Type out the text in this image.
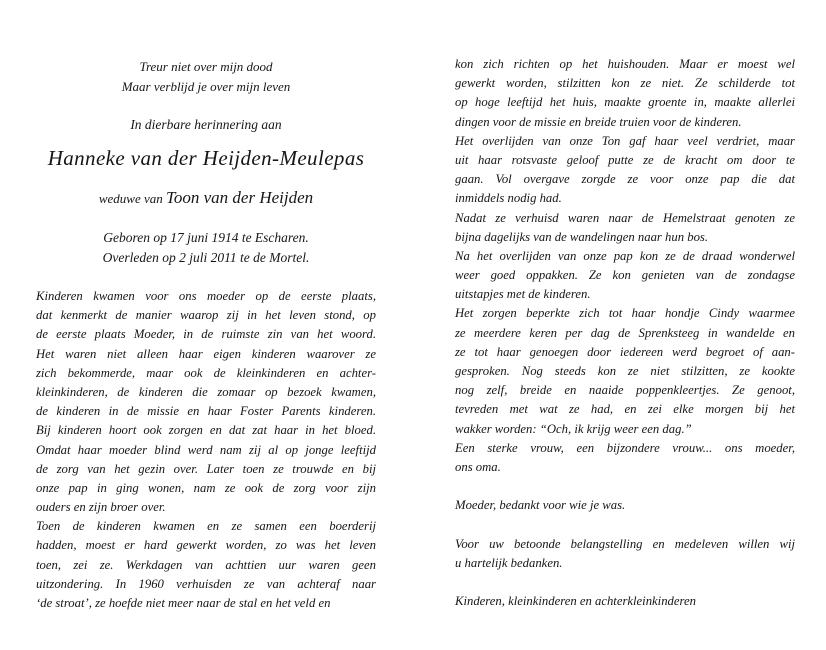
Treur niet over mijn dood
Maar verblijd je over mijn leven
In dierbare herinnering aan
Hanneke van der Heijden-Meulepas
weduwe van Toon van der Heijden
Geboren op 17 juni 1914 te Escharen.
Overleden op 2 juli 2011 te de Mortel.
Kinderen kwamen voor ons moeder op de eerste plaats,
dat kenmerkt de manier waarop zij in het leven stond, op
de eerste plaats Moeder, in de ruimste zin van het woord.
Het waren niet alleen haar eigen kinderen waarover ze
zich bekommerde, maar ook de kleinkinderen en achter-
kleinkinderen, de kinderen die zomaar op bezoek kwamen,
de kinderen in de missie en haar Foster Parents kinderen.
Bij kinderen hoort ook zorgen en dat zat haar in het bloed.
Omdat haar moeder blind werd nam zij al op jonge leeftijd
de zorg van het gezin over. Later toen ze trouwde en bij
onze pap in ging wonen, nam ze ook de zorg voor zijn
ouders en zijn broer over.
Toen de kinderen kwamen en ze samen een boerderij
hadden, moest er hard gewerkt worden, zo was het leven
toen, zei ze. Werkdagen van achttien uur waren geen
uitzondering. In 1960 verhuisden ze van achteraf naar
‘de stroat’, ze hoefde niet meer naar de stal en het veld en
kon zich richten op het huishouden. Maar er moest wel
gewerkt worden, stilzitten kon ze niet. Ze schilderde tot
op hoge leeftijd het huis, maakte groente in, maakte allerlei
dingen voor de missie en breide truien voor de kinderen.
Het overlijden van onze Ton gaf haar veel verdriet, maar
uit haar rotsvaste geloof putte ze de kracht om door te
gaan. Vol overgave zorgde ze voor onze pap die dat
inmiddels nodig had.
Nadat ze verhuisd waren naar de Hemelstraat genoten ze
bijna dagelijks van de wandelingen naar hun bos.
Na het overlijden van onze pap kon ze de draad wonderwel
weer goed oppakken. Ze kon genieten van de zondagse
uitstapjes met de kinderen.
Het zorgen beperkte zich tot haar hondje Cindy waarmee
ze meerdere keren per dag de Sprenksteeg in wandelde en
ze tot haar genoegen door iedereen werd begroet of aan-
gesproken. Nog steeds kon ze niet stilzitten, ze kookte
nog zelf, breide en naaide poppenkleertjes. Ze genoot,
tevreden met wat ze had, en zei elke morgen bij het
wakker worden: “Och, ik krijg weer een dag.”
Een sterke vrouw, een bijzondere vrouw... ons moeder,
ons oma.
Moeder, bedankt voor wie je was.
Voor uw betoonde belangstelling en medeleven willen wij
u hartelijk bedanken.
Kinderen, kleinkinderen en achterkleinkinderen
